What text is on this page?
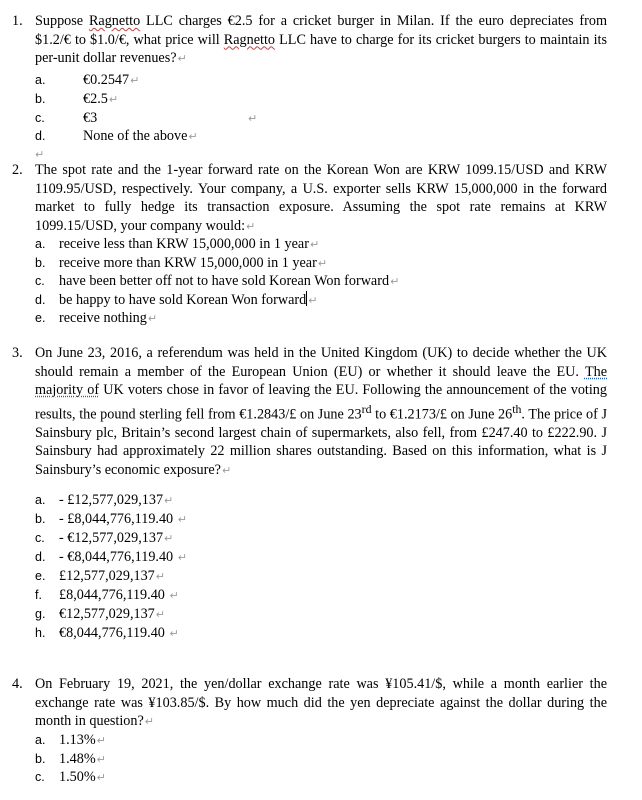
1. Suppose Ragnetto LLC charges €2.5 for a cricket burger in Milan. If the euro depreciates from $1.2/€ to $1.0/€, what price will Ragnetto LLC have to charge for its cricket burgers to maintain its per-unit dollar revenues?↵
a.	€0.2547↵
b.	€2.5↵
c.	€3	↵
d.	None of the above↵
↵
2. The spot rate and the 1-year forward rate on the Korean Won are KRW 1099.15/USD and KRW 1109.95/USD, respectively. Your company, a U.S. exporter sells KRW 15,000,000 in the forward market to fully hedge its transaction exposure. Assuming the spot rate remains at KRW 1099.15/USD, your company would:↵
a. receive less than KRW 15,000,000 in 1 year↵
b. receive more than KRW 15,000,000 in 1 year↵
c. have been better off not to have sold Korean Won forward↵
d. be happy to have sold Korean Won forward ↵
e. receive nothing↵
3. On June 23, 2016, a referendum was held in the United Kingdom (UK) to decide whether the UK should remain a member of the European Union (EU) or whether it should leave the EU. The majority of UK voters chose in favor of leaving the EU. Following the announcement of the voting results, the pound sterling fell from €1.2843/£ on June 23rd to €1.2173/£ on June 26th. The price of J Sainsbury plc, Britain’s second largest chain of supermarkets, also fell, from £247.40 to £222.90. J Sainsbury had approximately 22 million shares outstanding. Based on this information, what is J Sainsbury’s economic exposure?↵
a. - £12,577,029,137↵
b. - £8,044,776,119.40 ↵
c. - €12,577,029,137↵
d. - €8,044,776,119.40 ↵
e. £12,577,029,137↵
f. £8,044,776,119.40 ↵
g. €12,577,029,137↵
h. €8,044,776,119.40 ↵
4. On February 19, 2021, the yen/dollar exchange rate was ¥105.41/$, while a month earlier the exchange rate was ¥103.85/$. By how much did the yen depreciate against the dollar during the month in question?↵
a. 1.13%↵
b. 1.48%↵
c. 1.50%↵
